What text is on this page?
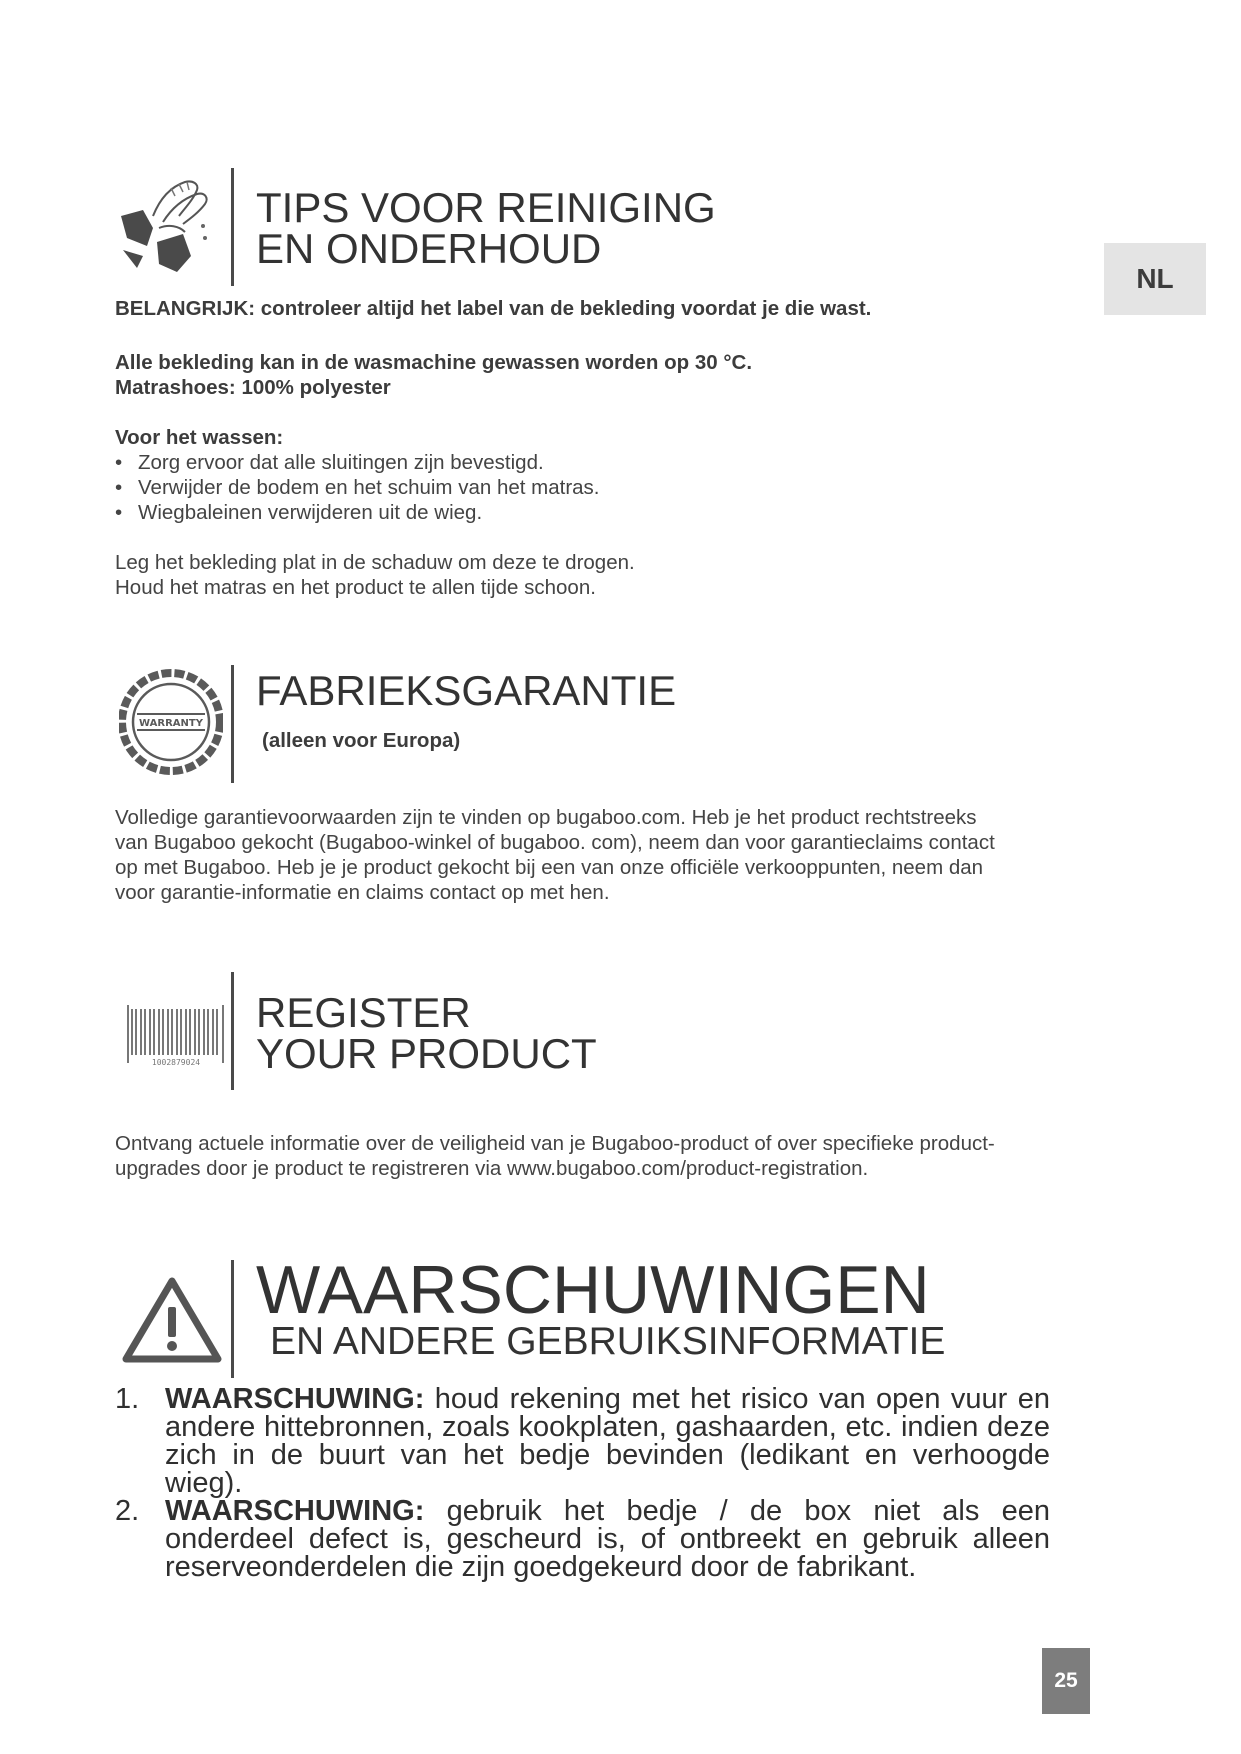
NL

TIPS VOOR REINIGING

EN ONDERHOUD

BELANGRIJK: controleer altijd het label van de bekleding voordat je die wast.

Alle bekleding kan in de wasmachine gewassen worden op 30 °C.

Matrashoes: 100% polyester

Voor het wassen:

• Zorg ervoor dat alle sluitingen zijn bevestigd.
• Verwijder de bodem en het schuim van het matras.
• Wiegbaleinen verwijderen uit de wieg.

Leg het bekleding plat in de schaduw om deze te drogen.

Houd het matras en het product te allen tijde schoon.

WARRANTY

FABRIEKSGARANTIE

(alleen voor Europa)

Volledige garantievoorwaarden zijn te vinden op bugaboo.com. Heb je het product rechtstreeks

van Bugaboo gekocht (Bugaboo-winkel of bugaboo. com), neem dan voor garantieclaims contact

op met Bugaboo. Heb je je product gekocht bij een van onze officiële verkooppunten, neem dan

voor garantie-informatie en claims contact op met hen.

1002879024

REGISTER

YOUR PRODUCT

Ontvang actuele informatie over de veiligheid van je Bugaboo-product of over specifieke product-

upgrades door je product te registreren via www.bugaboo.com/product-registration.

WAARSCHUWINGEN

EN ANDERE GEBRUIKSINFORMATIE

1. WAARSCHUWING: houd rekening met het risico van open vuur en andere hittebronnen, zoals kookplaten, gashaarden, etc. indien deze zich in de buurt van het bedje bevinden (ledikant en verhoogde wieg).
2. WAARSCHUWING: gebruik het bedje / de box niet als een onderdeel defect is, gescheurd is, of ontbreekt en gebruik alleen reserveonderdelen die zijn goedgekeurd door de fabrikant.
25
